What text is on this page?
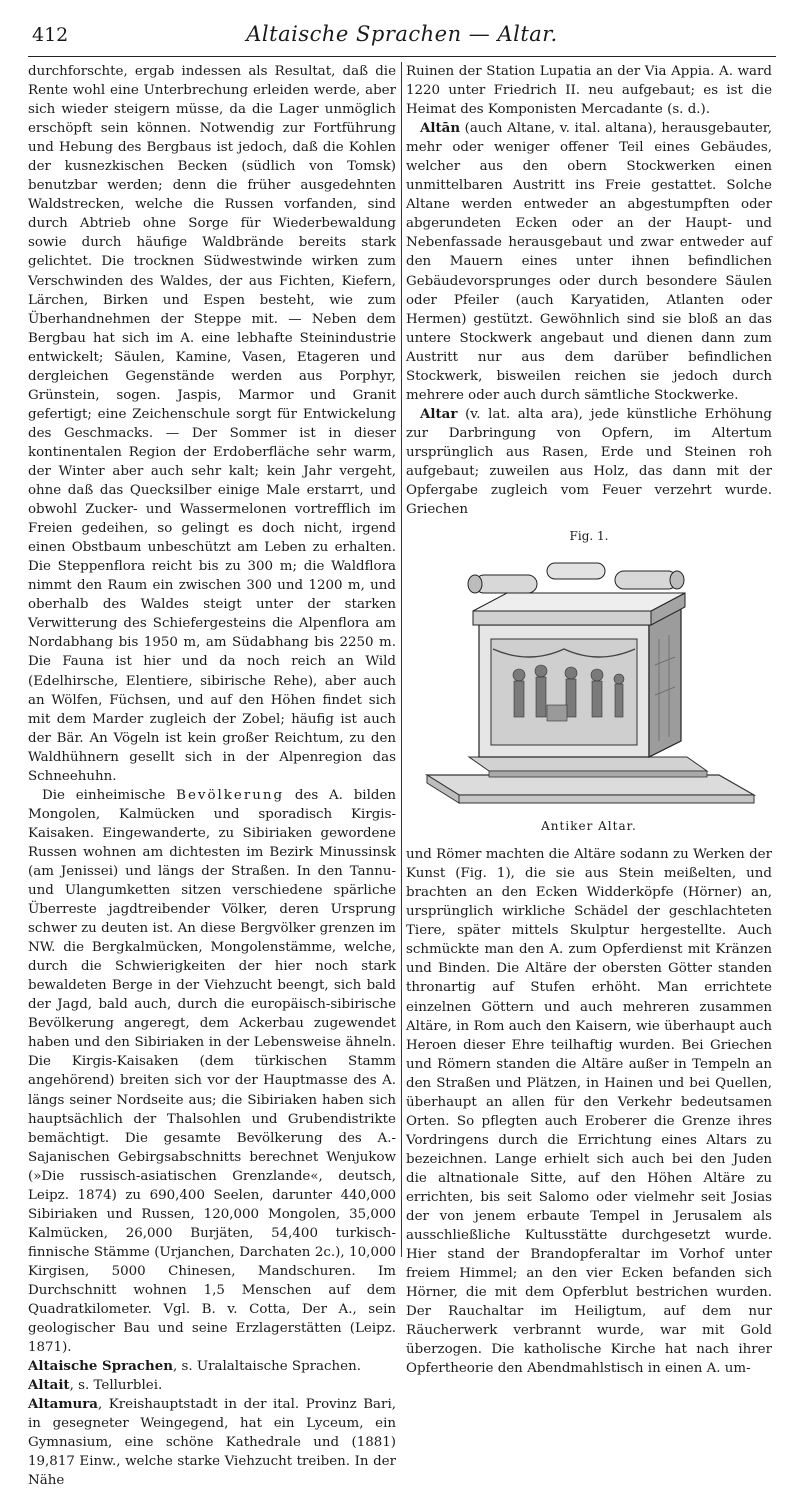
412	Altaische Sprachen — Altar.

durchforschte, ergab indessen als Resultat, daß die Rente wohl eine Unterbrechung erleiden werde, aber sich wieder steigern müsse, da die Lager unmöglich erschöpft sein können. Notwendig zur Fortführung und Hebung des Bergbaus ist jedoch, daß die Kohlen der kusnezkischen Becken (südlich von Tomsk) benutzbar werden; denn die früher ausgedehnten Waldstrecken, welche die Russen vorfanden, sind durch Abtrieb ohne Sorge für Wiederbewaldung sowie durch häufige Waldbrände bereits stark gelichtet. Die trocknen Südwestwinde wirken zum Verschwinden des Waldes, der aus Fichten, Kiefern, Lärchen, Birken und Espen besteht, wie zum Überhandnehmen der Steppe mit. — Neben dem Bergbau hat sich im A. eine lebhafte Steinindustrie entwickelt; Säulen, Kamine, Vasen, Etageren und dergleichen Gegenstände werden aus Porphyr, Grünstein, sogen. Jaspis, Marmor und Granit gefertigt; eine Zeichenschule sorgt für Entwickelung des Geschmacks. — Der Sommer ist in dieser kontinentalen Region der Erdoberfläche sehr warm, der Winter aber auch sehr kalt; kein Jahr vergeht, ohne daß das Quecksilber einige Male erstarrt, und obwohl Zucker- und Wassermelonen vortrefflich im Freien gedeihen, so gelingt es doch nicht, irgend einen Obstbaum unbeschützt am Leben zu erhalten. Die Steppenflora reicht bis zu 300 m; die Waldflora nimmt den Raum ein zwischen 300 und 1200 m, und oberhalb des Waldes steigt unter der starken Verwitterung des Schiefergesteins die Alpenflora am Nordabhang bis 1950 m, am Südabhang bis 2250 m. Die Fauna ist hier und da noch reich an Wild (Edelhirsche, Elentiere, sibirische Rehe), aber auch an Wölfen, Füchsen, und auf den Höhen findet sich mit dem Marder zugleich der Zobel; häufig ist auch der Bär. An Vögeln ist kein großer Reichtum, zu den Waldhühnern gesellt sich in der Alpenregion das Schneehuhn.

Die einheimische Bevölkerung des A. bilden Mongolen, Kalmücken und sporadisch Kirgis-Kaisaken. Eingewanderte, zu Sibiriaken gewordene Russen wohnen am dichtesten im Bezirk Minussinsk (am Jenissei) und längs der Straßen. In den Tannu- und Ulangumketten sitzen verschiedene spärliche Überreste jagdtreibender Völker, deren Ursprung schwer zu deuten ist. An diese Bergvölker grenzen im NW. die Bergkalmücken, Mongolenstämme, welche, durch die Schwierigkeiten der hier noch stark bewaldeten Berge in der Viehzucht beengt, sich bald der Jagd, bald auch, durch die europäisch-sibirische Bevölkerung angeregt, dem Ackerbau zugewendet haben und den Sibiriaken in der Lebensweise ähneln. Die Kirgis-Kaisaken (dem türkischen Stamm angehörend) breiten sich vor der Hauptmasse des A. längs seiner Nordseite aus; die Sibiriaken haben sich hauptsächlich der Thalsohlen und Grubendistrikte bemächtigt. Die gesamte Bevölkerung des A.-Sajanischen Gebirgsabschnitts berechnet Wenjukow (»Die russisch-asiatischen Grenzlande«, deutsch, Leipz. 1874) zu 690,400 Seelen, darunter 440,000 Sibiriaken und Russen, 120,000 Mongolen, 35,000 Kalmücken, 26,000 Burjäten, 54,400 turkisch-finnische Stämme (Urjanchen, Darchaten 2c.), 10,000 Kirgisen, 5000 Chinesen, Mandschuren. Im Durchschnitt wohnen 1,5 Menschen auf dem Quadratkilometer. Vgl. B. v. Cotta, Der A., sein geologischer Bau und seine Erzlagerstätten (Leipz. 1871).

Altaische Sprachen, s. Uralaltaische Sprachen.

Altait, s. Tellurblei.

Altamura, Kreishauptstadt in der ital. Provinz Bari, in gesegneter Weingegend, hat ein Lyceum, ein Gymnasium, eine schöne Kathedrale und (1881) 19,817 Einw., welche starke Viehzucht treiben. In der Nähe

Ruinen der Station Lupatia an der Via Appia. A. ward 1220 unter Friedrich II. neu aufgebaut; es ist die Heimat des Komponisten Mercadante (s. d.).

Altān (auch Altane, v. ital. altana), herausgebauter, mehr oder weniger offener Teil eines Gebäudes, welcher aus den obern Stockwerken einen unmittelbaren Austritt ins Freie gestattet. Solche Altane werden entweder an abgestumpften oder abgerundeten Ecken oder an der Haupt- und Nebenfassade herausgebaut und zwar entweder auf den Mauern eines unter ihnen befindlichen Gebäudevorsprunges oder durch besondere Säulen oder Pfeiler (auch Karyatiden, Atlanten oder Hermen) gestützt. Gewöhnlich sind sie bloß an das untere Stockwerk angebaut und dienen dann zum Austritt nur aus dem darüber befindlichen Stockwerk, bisweilen reichen sie jedoch durch mehrere oder auch durch sämtliche Stockwerke.

Altar (v. lat. alta ara), jede künstliche Erhöhung zur Darbringung von Opfern, im Altertum ursprünglich aus Rasen, Erde und Steinen roh aufgebaut; zuweilen aus Holz, das dann mit der Opfergabe zugleich vom Feuer verzehrt wurde. Griechen

Fig. 1.
Antiker Altar.

und Römer machten die Altäre sodann zu Werken der Kunst (Fig. 1), die sie aus Stein meißelten, und brachten an den Ecken Widderköpfe (Hörner) an, ursprünglich wirkliche Schädel der geschlachteten Tiere, später mittels Skulptur hergestellte. Auch schmückte man den A. zum Opferdienst mit Kränzen und Binden. Die Altäre der obersten Götter standen thronartig auf Stufen erhöht. Man errichtete einzelnen Göttern und auch mehreren zusammen Altäre, in Rom auch den Kaisern, wie überhaupt auch Heroen dieser Ehre teilhaftig wurden. Bei Griechen und Römern standen die Altäre außer in Tempeln an den Straßen und Plätzen, in Hainen und bei Quellen, überhaupt an allen für den Verkehr bedeutsamen Orten. So pflegten auch Eroberer die Grenze ihres Vordringens durch die Errichtung eines Altars zu bezeichnen. Lange erhielt sich auch bei den Juden die altnationale Sitte, auf den Höhen Altäre zu errichten, bis seit Salomo oder vielmehr seit Josias der von jenem erbaute Tempel in Jerusalem als ausschließliche Kultusstätte durchgesetzt wurde. Hier stand der Brandopferaltar im Vorhof unter freiem Himmel; an den vier Ecken befanden sich Hörner, die mit dem Opferblut bestrichen wurden. Der Rauchaltar im Heiligtum, auf dem nur Räucherwerk verbrannt wurde, war mit Gold überzogen. Die katholische Kirche hat nach ihrer Opfertheorie den Abendmahlstisch in einen A. um-
